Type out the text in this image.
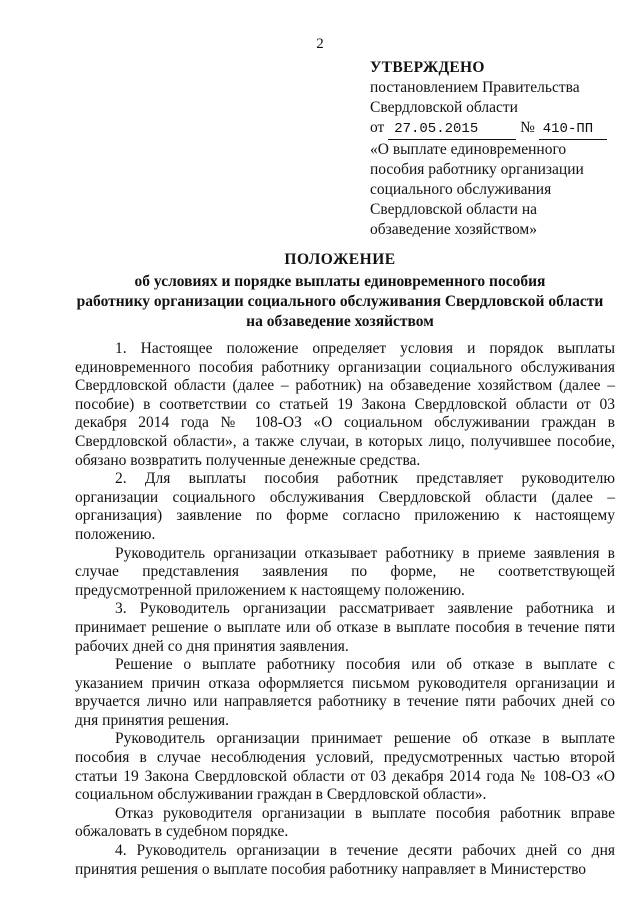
2
УТВЕРЖДЕНО
постановлением Правительства
Свердловской области
от 27.05.2015	№ 410-ПП
«О выплате единовременного
пособия работнику организации
социального обслуживания
Свердловской области на
обзаведение хозяйством»
ПОЛОЖЕНИЕ
об условиях и порядке выплаты единовременного пособия
работнику организации социального обслуживания Свердловской области
на обзаведение хозяйством

1. Настоящее положение определяет условия и порядок выплаты единовременного пособия работнику организации социального обслуживания Свердловской области (далее – работник) на обзаведение хозяйством (далее – пособие) в соответствии со статьей 19 Закона Свердловской области от 03 декабря 2014 года № 108-ОЗ «О социальном обслуживании граждан в Свердловской области», а также случаи, в которых лицо, получившее пособие, обязано возвратить полученные денежные средства.

2. Для выплаты пособия работник представляет руководителю организации социального обслуживания Свердловской области (далее – организация) заявление по форме согласно приложению к настоящему положению.

Руководитель организации отказывает работнику в приеме заявления в случае представления заявления по форме, не соответствующей предусмотренной приложением к настоящему положению.

3. Руководитель организации рассматривает заявление работника и принимает решение о выплате или об отказе в выплате пособия в течение пяти рабочих дней со дня принятия заявления.

Решение о выплате работнику пособия или об отказе в выплате с указанием причин отказа оформляется письмом руководителя организации и вручается лично или направляется работнику в течение пяти рабочих дней со дня принятия решения.

Руководитель организации принимает решение об отказе в выплате пособия в случае несоблюдения условий, предусмотренных частью второй статьи 19 Закона Свердловской области от 03 декабря 2014 года № 108-ОЗ «О социальном обслуживании граждан в Свердловской области».

Отказ руководителя организации в выплате пособия работник вправе обжаловать в судебном порядке.

4. Руководитель организации в течение десяти рабочих дней со дня принятия решения о выплате пособия работнику направляет в Министерство
